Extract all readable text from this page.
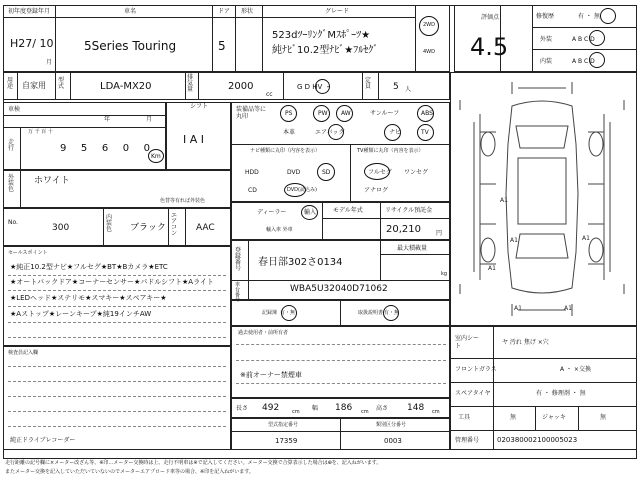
初年度登録年月
H27/ 10
月
車名
5Series Touring
ドア
5
形状	グレード
523dﾂｰﾘﾝｸﾞMｽﾎﾟｰﾂ★
純ﾅﾋﾞ10.2型ﾅﾋﾞ★ﾌﾙｾｸﾞ
2WD
4WD
用途 自家用
型式	LDA-MX20
排気量	2000
cc
G D HV ・
定員	5 人
評価点
4.5
修復歴	有 ・ 無
外装	A B C D
内装	A B C D
車検
年	月
走行
万 千 百 十
9 5 6 0 0
Km
シフト
I A I
装備品等に丸印	PS	PW AW	サンルーフ	ABS
本革	エアバッグ	ナビ	TV
ナビ種類に丸印（内容を表示）
HDD	DVD	SD
CD	DVD(読込み)
TV種類に丸印（内容を表示）
フルセグ ワンセグ
アナログ
外装色
ホワイト
色替等有れば外装色
ディーラー	輸入
輸入車 外車
モデル年式	リサイクル預託金
20,210	円
No.
300
内装色 ブラック
エアコン
AAC
セールスポイント
★純正10.2型ナビ★フルセグ★BT★Bカメラ★ETC
★オートバックドア★コーナーセンサー★パドルシフト★Aライト
★LEDヘッド★ステリモ★スマキー★スペアキー★
★Aストップ★レーンキープ★純19インチAW
登録番号
春日部302さ0134
最大積載量
kg
車台番号
WBA5U32040D71062
記録簿 有・無	取扱説明書 有・無
過去使用者・前所有者
※前オーナー禁煙車
長さ 492	cm 幅 186 cm 高さ 148 cm
型式指定番号
17359
類別区分番号
0003
検査員記入欄
純正ドライブレコーダー
A1
A1
A1	A1
A1	A1
室内シート
ヤ 汚れ 焦げ ×穴
フロントガラス	A ・ ×交換
スペアタイヤ	有 ・ 修理剤 ・ 無
工具	無	ジャッキ	無
管理番号	020380002100005023
走行距離の記号欄に×メーター改ざん等、※印…メーター交換時は上、走行不明車は※で記入してください。メーター交換で合算表示した場合は⊕を、記入ねがいます。
またメーター交換を記入していただいていないのでメーターエアプロード車等の場合、※印を記入ねがいます。
